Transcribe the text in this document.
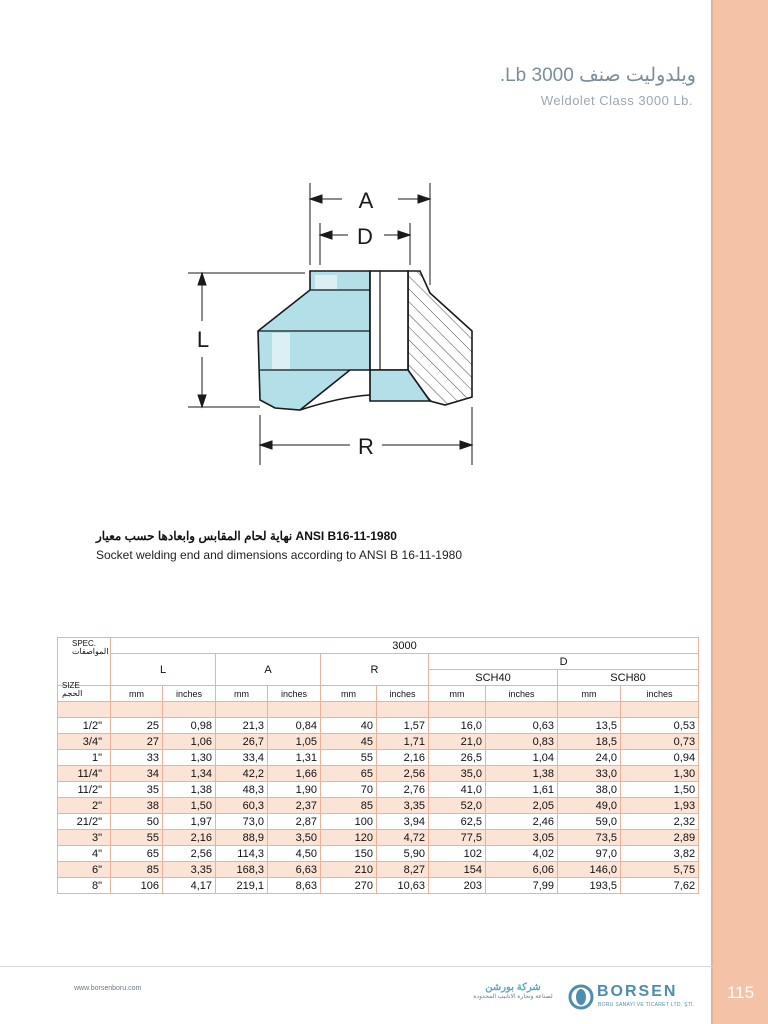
115
ويلدوليت صنف 3000 Lb.
Weldolet Class 3000 Lb.
A
D
L
R
نهاية لحام المقابس وابعادها حسب معيار ANSI B16-11-1980
Socket welding end and dimensions according to ANSI B 16-11-1980
SPEC.
المواصفات
SIZE
الحجم	3000									
	L		A		R		D			
							SCH40		SCH80	
	mm	inches	mm	inches	mm	inches	mm	inches	mm	inches

1/2"	25	0,98	21,3	0,84	40	1,57	16,0	0,63	13,5	0,53
3/4"	27	1,06	26,7	1,05	45	1,71	21,0	0,83	18,5	0,73
1"	33	1,30	33,4	1,31	55	2,16	26,5	1,04	24,0	0,94
11/4"	34	1,34	42,2	1,66	65	2,56	35,0	1,38	33,0	1,30
11/2"	35	1,38	48,3	1,90	70	2,76	41,0	1,61	38,0	1,50
2"	38	1,50	60,3	2,37	85	3,35	52,0	2,05	49,0	1,93
21/2"	50	1,97	73,0	2,87	100	3,94	62,5	2,46	59,0	2,32
3"	55	2,16	88,9	3,50	120	4,72	77,5	3,05	73,5	2,89
4"	65	2,56	114,3	4,50	150	5,90	102	4,02	97,0	3,82
6"	85	3,35	168,3	6,63	210	8,27	154	6,06	146,0	5,75
8"	106	4,17	219,1	8,63	270	10,63	203	7,99	193,5	7,62
www.borsenboru.com	شركة بورشن
لصناعة وتجارة الانابيب المحدودة	BORSEN
BORU SANAYİ VE TİCARET LTD. ŞTİ.
